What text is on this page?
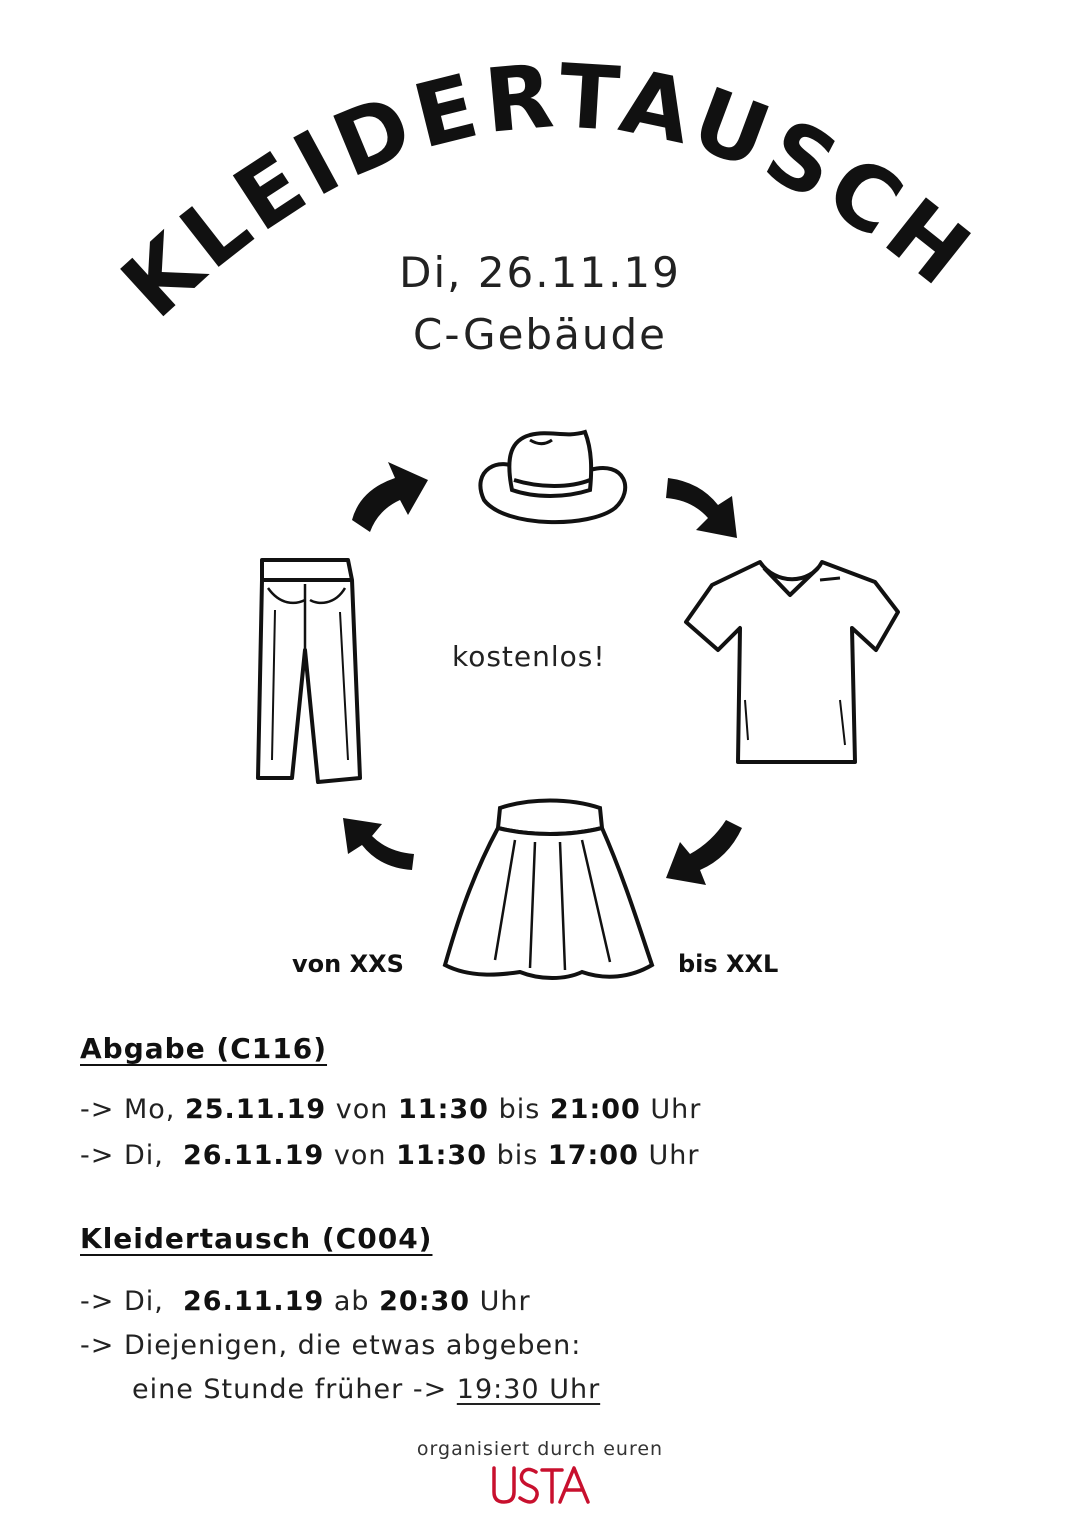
KLEIDERTAUSCH
Di, 26.11.19
C-Gebäude
kostenlos!
von XXS	bis XXL
Abgabe (C116)
-> Mo, 25.11.19 von 11:30 bis 21:00 Uhr
-> Di, 26.11.19 von 11:30 bis 17:00 Uhr
Kleidertausch (C004)
-> Di, 26.11.19 ab 20:30 Uhr
-> Diejenigen, die etwas abgeben:
eine Stunde früher -> 19:30 Uhr
organisiert durch euren
